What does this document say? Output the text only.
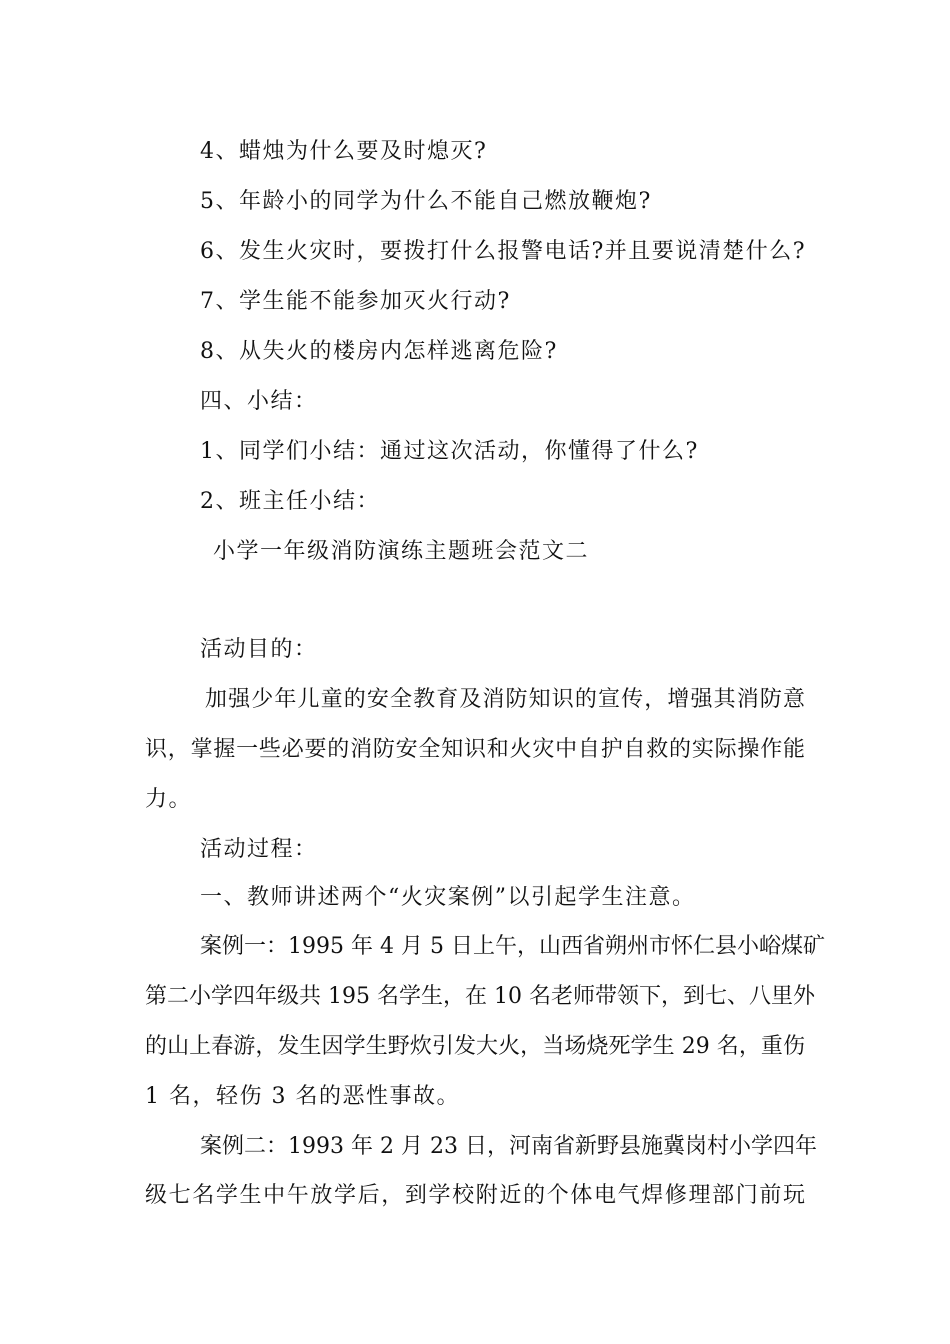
4、蜡烛为什么要及时熄灭?
5、年龄小的同学为什么不能自己燃放鞭炮?
6、发生火灾时，要拨打什么报警电话?并且要说清楚什么?
7、学生能不能参加灭火行动?
8、从失火的楼房内怎样逃离危险?
四、小结：
1、同学们小结：通过这次活动，你懂得了什么?
2、班主任小结：
小学一年级消防演练主题班会范文二
活动目的：
加强少年儿童的安全教育及消防知识的宣传，增强其消防意
识，掌握一些必要的消防安全知识和火灾中自护自救的实际操作能
力。
活动过程：
一、教师讲述两个“火灾案例”以引起学生注意。
案例一：1995 年 4 月 5 日上午，山西省朔州市怀仁县小峪煤矿
第二小学四年级共 195 名学生，在 10 名老师带领下，到七、八里外
的山上春游，发生因学生野炊引发大火，当场烧死学生 29 名，重伤
1 名，轻伤 3 名的恶性事故。
案例二：1993 年 2 月 23 日，河南省新野县施冀岗村小学四年
级七名学生中午放学后，到学校附近的个体电气焊修理部门前玩
